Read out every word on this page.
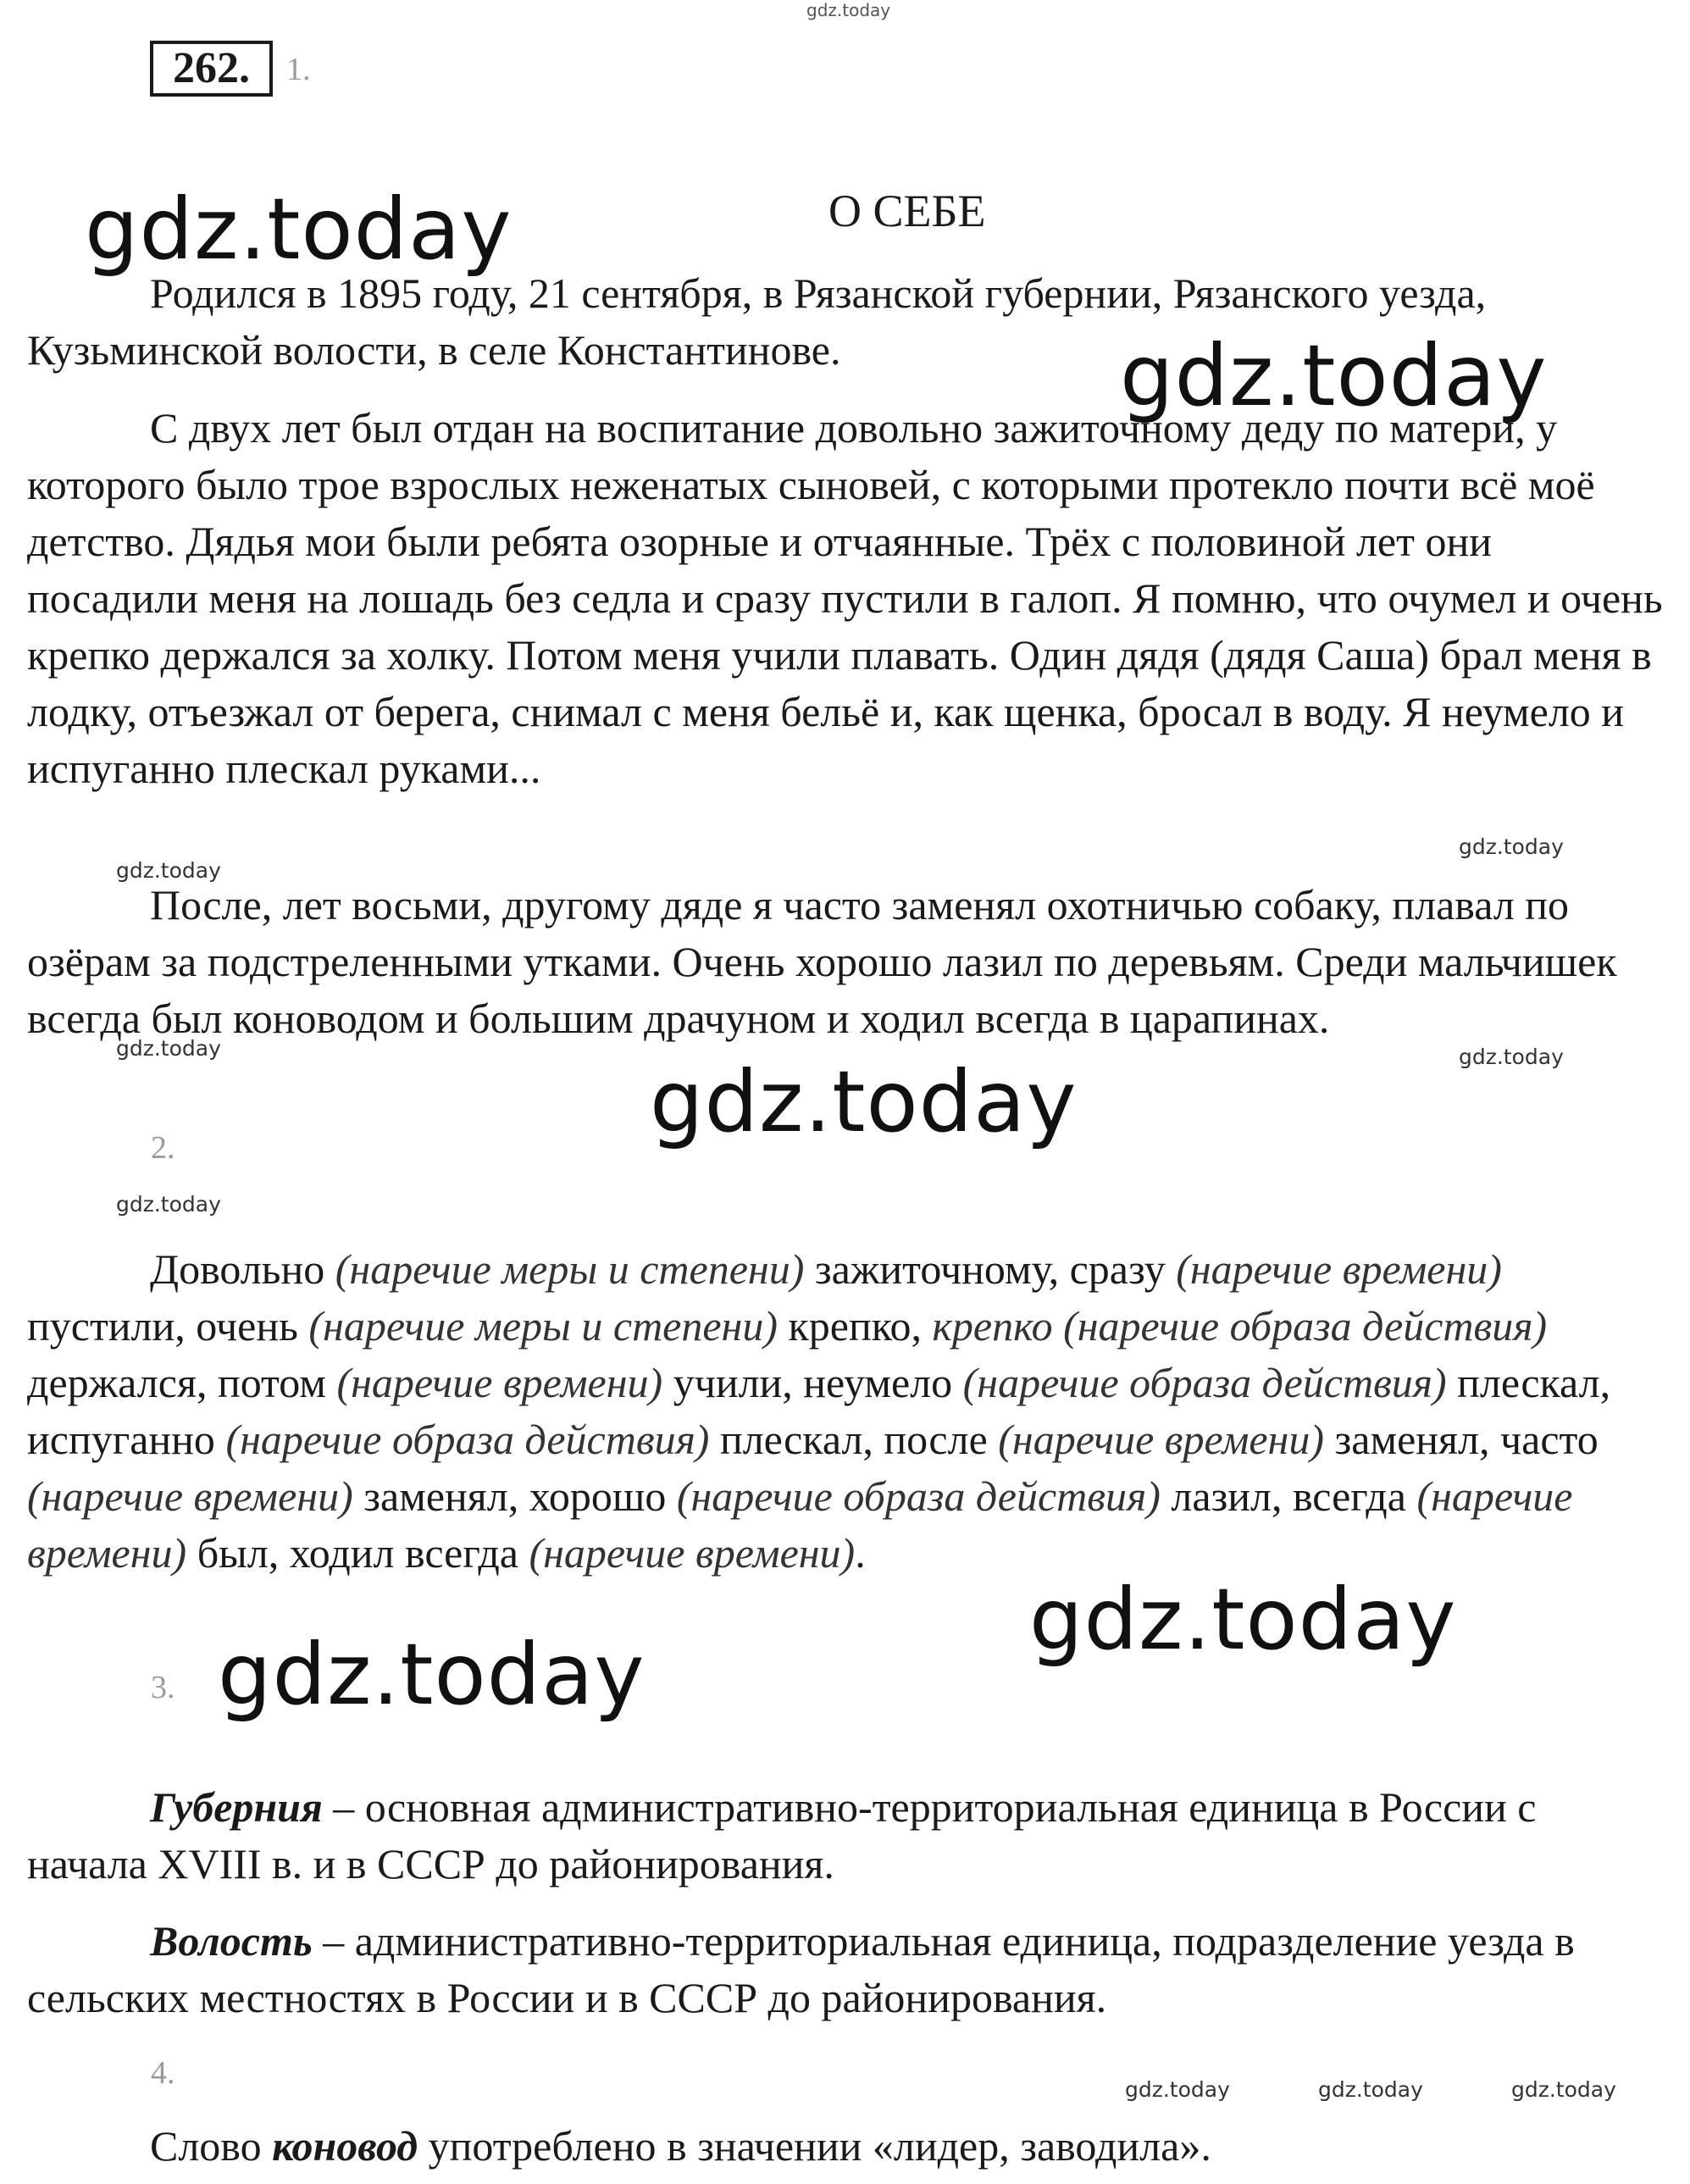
gdz.today
262.	1.
О СЕБЕ

Родился в 1895 году, 21 сентября, в Рязанской губернии, Рязанского уезда, Кузьминской волости, в селе Константинове.

С двух лет был отдан на воспитание довольно зажиточному деду по матери, у которого было трое взрослых неженатых сыновей, с которыми протекло почти всё моё детство. Дядья мои были ребята озорные и отчаянные. Трёх с половиной лет они посадили меня на лошадь без седла и сразу пустили в галоп. Я помню, что очумел и очень крепко держался за холку. Потом меня учили плавать. Один дядя (дядя Саша) брал меня в лодку, отъезжал от берега, снимал с меня бельё и, как щенка, бросал в воду. Я неумело и испуганно плескал руками...

После, лет восьми, другому дяде я часто заменял охотничью собаку, плавал по озёрам за подстреленными утками. Очень хорошо лазил по деревьям. Среди мальчишек всегда был коноводом и большим драчуном и ходил всегда в царапинах.

2.

Довольно (наречие меры и степени) зажиточному, сразу (наречие времени) пустили, очень (наречие меры и степени) крепко, крепко (наречие образа действия) держался, потом (наречие времени) учили, неумело (наречие образа действия) плескал, испуганно (наречие образа действия) плескал, после (наречие времени) заменял, часто (наречие времени) заменял, хорошо (наречие образа действия) лазил, всегда (наречие времени) был, ходил всегда (наречие времени).

3.

Губерния – основная административно-территориальная единица в России с начала XVIII в. и в СССР до районирования.

Волость – административно-территориальная единица, подразделение уезда в сельских местностях в России и в СССР до районирования.

4.

Слово коновод употреблено в значении «лидер, заводила».

gdz.today
gdz.today
gdz.today
gdz.today
gdz.today
gdz.today
gdz.today
gdz.today	gdz.today
gdz.today
gdz.today	gdz.today	gdz.today
